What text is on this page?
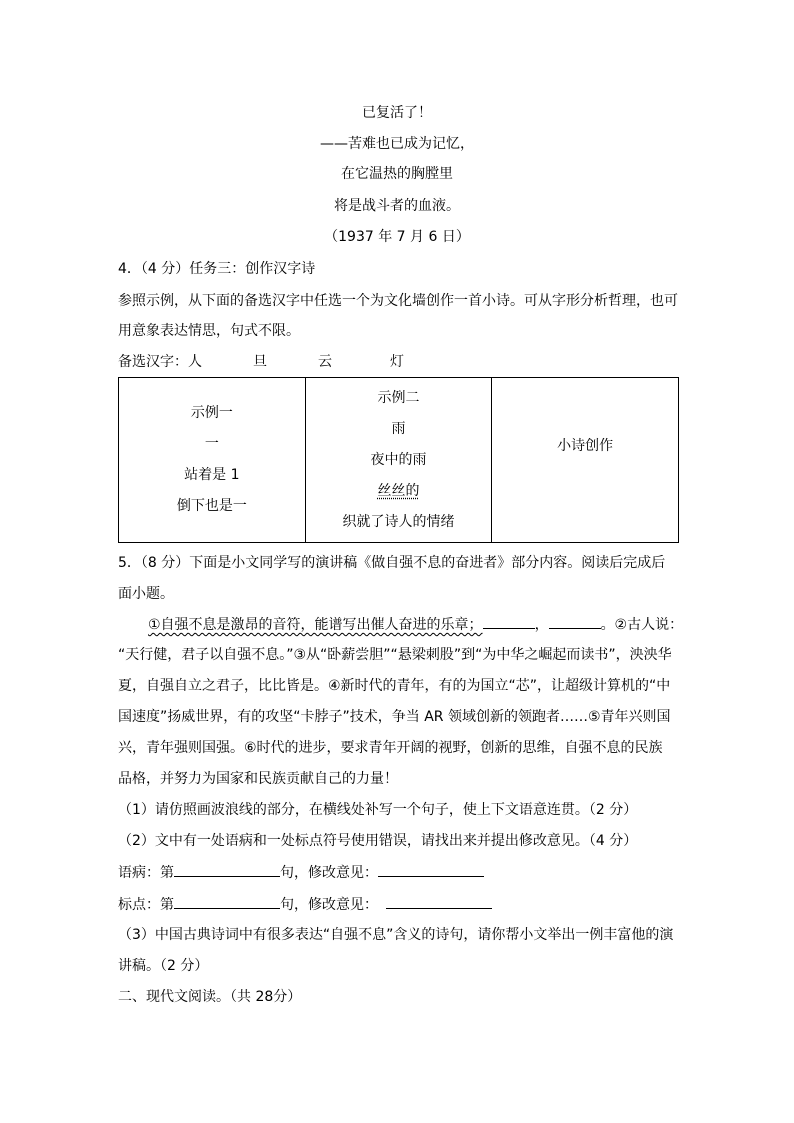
已复活了！
——苦难也已成为记忆，
在它温热的胸膛里
将是战斗者的血液。
（1937 年 7 月 6 日）
4．（4 分）任务三：创作汉字诗
参照示例，从下面的备选汉字中任选一个为文化墙创作一首小诗。可从字形分析哲理，也可
用意象表达情思，句式不限。
备选汉字：人	旦	云	灯
示例一
一
站着是 1
倒下也是一

示例二
雨
夜中的雨
丝丝的
织就了诗人的情绪

小诗创作
5．（8 分）下面是小文同学写的演讲稿《做自强不息的奋进者》部分内容。阅读后完成后
面小题。
①自强不息是激昂的音符，能谱写出催人奋进的乐章；	，	。②古人说：
“天行健，君子以自强不息。”③从“卧薪尝胆”“悬梁刺股”到“为中华之崛起而读书”，泱泱华
夏，自强自立之君子，比比皆是。④新时代的青年，有的为国立“芯”，让超级计算机的“中
国速度”扬威世界，有的攻坚“卡脖子”技术，争当 AR 领域创新的领跑者……⑤青年兴则国
兴，青年强则国强。⑥时代的进步，要求青年开阔的视野，创新的思维，自强不息的民族
品格，并努力为国家和民族贡献自己的力量！
（1）请仿照画波浪线的部分，在横线处补写一个句子，使上下文语意连贯。（2 分）
（2）文中有一处语病和一处标点符号使用错误，请找出来并提出修改意见。（4 分）
语病：第	句，修改意见：
标点：第	句，修改意见：
（3）中国古典诗词中有很多表达“自强不息”含义的诗句，请你帮小文举出一例丰富他的演
讲稿。（2 分）
二、现代文阅读。（共 28分）
